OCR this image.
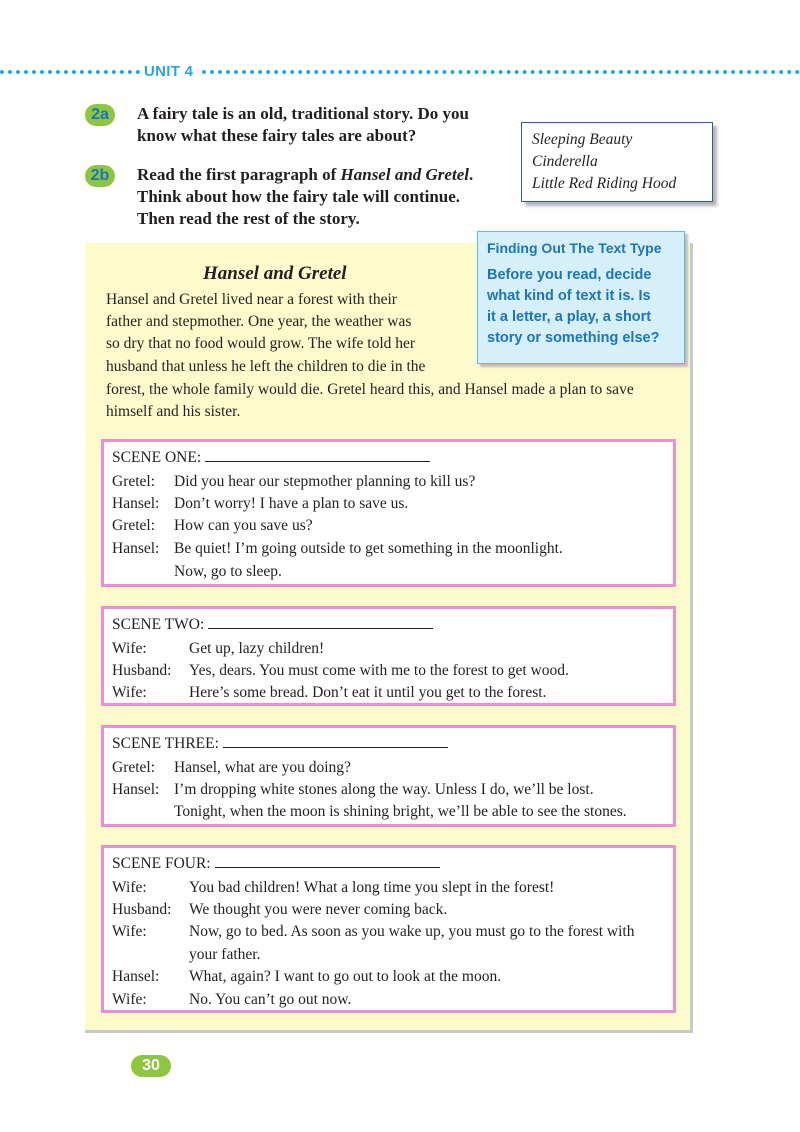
UNIT 4
2a	A fairy tale is an old, traditional story. Do you
know what these fairy tales are about?	Sleeping Beauty
Cinderella
Little Red Riding Hood
2b	Read the first paragraph of Hansel and Gretel.
Think about how the fairy tale will continue.
Then read the rest of the story.
Finding Out The Text Type
Before you read, decide
what kind of text it is. Is
it a letter, a play, a short
story or something else?
Hansel and Gretel
Hansel and Gretel lived near a forest with their
father and stepmother. One year, the weather was
so dry that no food would grow. The wife told her
husband that unless he left the children to die in the
forest, the whole family would die. Gretel heard this, and Hansel made a plan to save
himself and his sister.
SCENE ONE:
Gretel: Did you hear our stepmother planning to kill us?
Hansel: Don’t worry! I have a plan to save us.
Gretel: How can you save us?
Hansel: Be quiet! I’m going outside to get something in the moonlight.
Now, go to sleep.
SCENE TWO:
Wife:	Get up, lazy children!
Husband: Yes, dears. You must come with me to the forest to get wood.
Wife:	Here’s some bread. Don’t eat it until you get to the forest.
SCENE THREE:
Gretel: Hansel, what are you doing?
Hansel: I’m dropping white stones along the way. Unless I do, we’ll be lost.
Tonight, when the moon is shining bright, we’ll be able to see the stones.
SCENE FOUR:
Wife:	You bad children! What a long time you slept in the forest!
Husband: We thought you were never coming back.
Wife:	Now, go to bed. As soon as you wake up, you must go to the forest with
your father.
Hansel: What, again? I want to go out to look at the moon.
Wife:	No. You can’t go out now.
30
